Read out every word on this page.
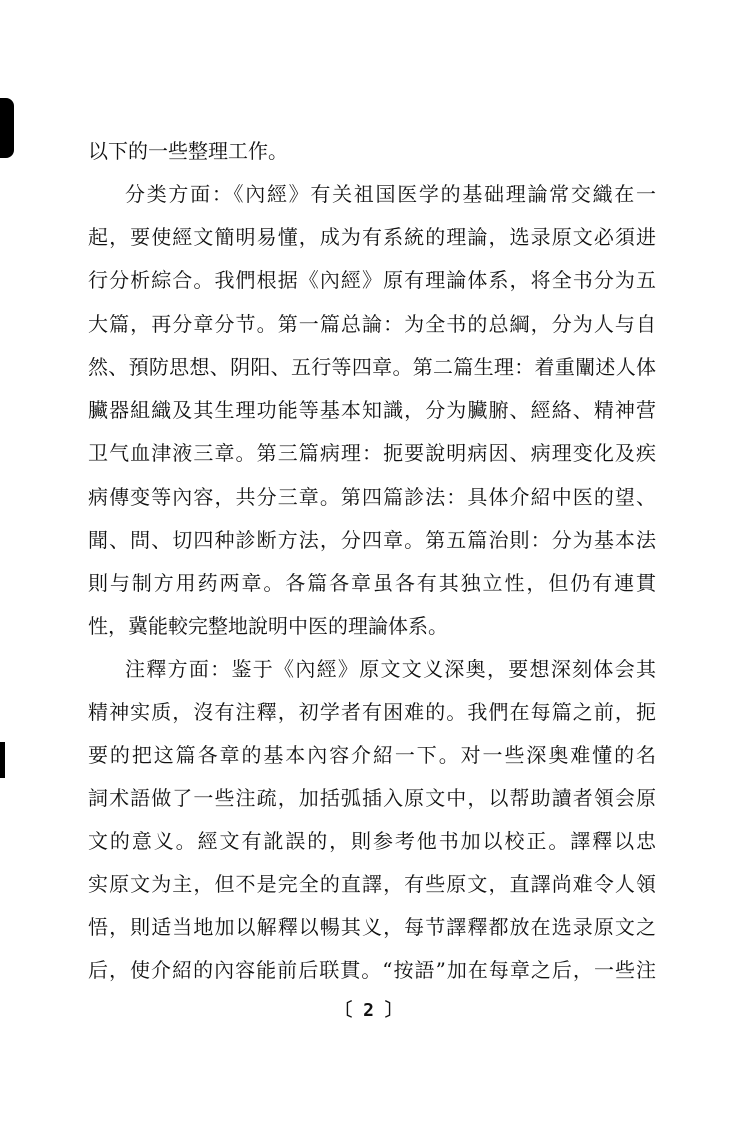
以下的一些整理工作。
分类方面：《內經》有关祖国医学的基础理論常交織在一
起，要使經文簡明易懂，成为有系統的理論，选录原文必須进
行分析綜合。我們根据《內經》原有理論体系，将全书分为五
大篇，再分章分节。第一篇总論：为全书的总綱，分为人与自
然、預防思想、阴阳、五行等四章。第二篇生理：着重闡述人体
臟器組織及其生理功能等基本知識，分为臟腑、經絡、精神营
卫气血津液三章。第三篇病理：扼要說明病因、病理变化及疾
病傳变等內容，共分三章。第四篇診法：具体介紹中医的望、
聞、問、切四种診断方法，分四章。第五篇治則：分为基本法
則与制方用药两章。各篇各章虽各有其独立性，但仍有連貫
性，冀能較完整地說明中医的理論体系。
注釋方面：鉴于《內經》原文文义深奥，要想深刻体会其
精神实质，沒有注釋，初学者有困难的。我們在每篇之前，扼
要的把这篇各章的基本內容介紹一下。对一些深奥难懂的名
詞术語做了一些注疏，加括弧插入原文中，以帮助讀者領会原
文的意义。經文有訛誤的，則参考他书加以校正。譯釋以忠
实原文为主，但不是完全的直譯，有些原文，直譯尚难令人領
悟，則适当地加以解釋以暢其义，每节譯釋都放在选录原文之
后，使介紹的內容能前后联貫。“按語”加在每章之后，一些注
〔 2 〕
